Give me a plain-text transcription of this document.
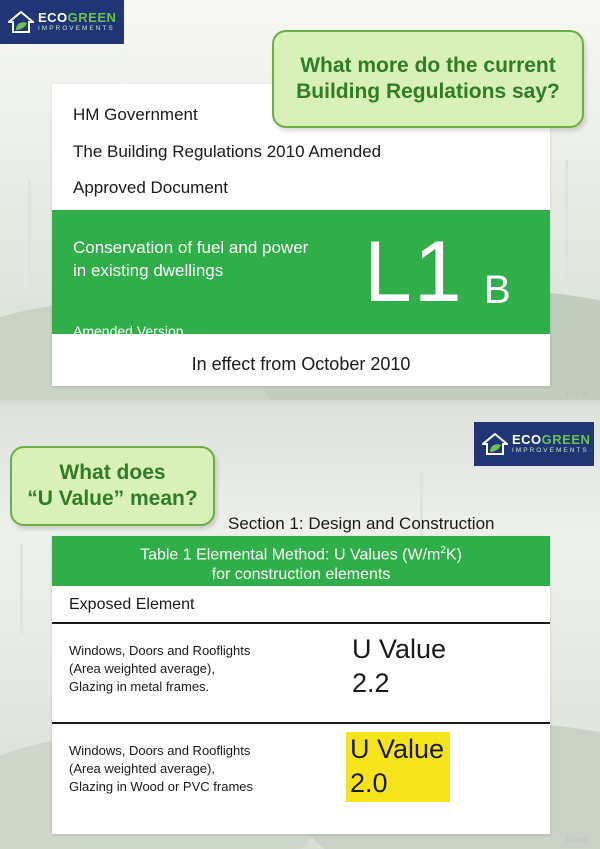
ECOGREEN
IMPROVEMENTS
HM Government
The Building Regulations 2010 Amended
Approved Document
Conservation of fuel and power
in existing dwellings	L1 B
Amended Version
In effect from October 2010
What more do the current
Building Regulations say?
12 of 29
ECOGREEN
IMPROVEMENTS
What does
“U Value” mean?
Section 1: Design and Construction
Table 1 Elemental Method: U Values $(W/m^2K)$
for construction elements
Exposed Element
Windows, Doors and Rooflights
(Area weighted average),
Glazing in metal frames.
U Value
2.2
Windows, Doors and Rooflights
(Area weighted average),
Glazing in Wood or PVC frames
U Value
2.0
13 of 29
